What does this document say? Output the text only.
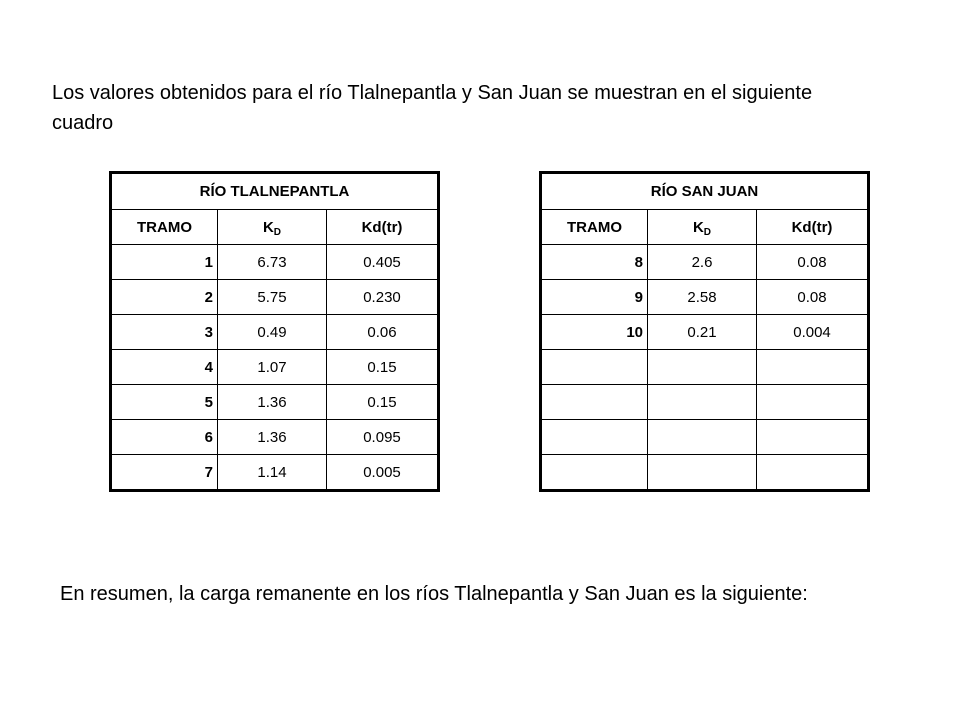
Los valores obtenidos para el río Tlalnepantla y San Juan se muestran en el siguiente cuadro

RÍO TLALNEPANTLA		
TRAMO	$K_D$	Kd(tr)
1	6.73	0.405
2	5.75	0.230
3	0.49	0.06
4	1.07	0.15
5	1.36	0.15
6	1.36	0.095
7	1.14	0.005
RÍO SAN JUAN		
TRAMO	$K_D$	Kd(tr)
8	2.6	0.08
9	2.58	0.08
10	0.21	0.004

En resumen, la carga remanente en los ríos Tlalnepantla y San Juan es la siguiente:
